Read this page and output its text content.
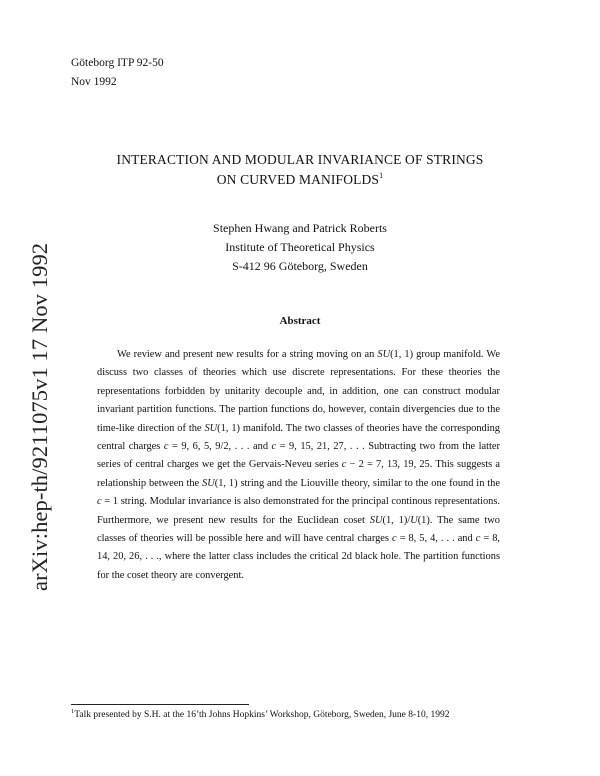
Göteborg ITP 92-50
Nov 1992
arXiv:hep-th/9211075v1 17 Nov 1992
INTERACTION AND MODULAR INVARIANCE OF STRINGS
ON CURVED MANIFOLDS$^1$
Stephen Hwang and Patrick Roberts
Institute of Theoretical Physics
S-412 96 Göteborg, Sweden
Abstract

We review and present new results for a string moving on an SU(1, 1) group manifold. We discuss two classes of theories which use discrete representations. For these theories the representations forbidden by unitarity decouple and, in addition, one can construct modular invariant partition functions. The partion functions do, however, contain divergencies due to the time-like direction of the SU(1, 1) manifold. The two classes of theories have the corresponding central charges c = 9, 6, 5, 9/2, . . . and c = 9, 15, 21, 27, . . . Subtracting two from the latter series of central charges we get the Gervais-Neveu series c − 2 = 7, 13, 19, 25. This suggests a relationship between the SU(1, 1) string and the Liouville theory, similar to the one found in the c = 1 string. Modular invariance is also demonstrated for the principal continous representations. Furthermore, we present new results for the Euclidean coset SU(1, 1)/U(1). The same two classes of theories will be possible here and will have central charges c = 8, 5, 4, . . . and c = 8, 14, 20, 26, . . ., where the latter class includes the critical 2d black hole. The partition functions for the coset theory are convergent.

$^1$Talk presented by S.H. at the 16’th Johns Hopkins’ Workshop, Göteborg, Sweden, June 8-10, 1992
